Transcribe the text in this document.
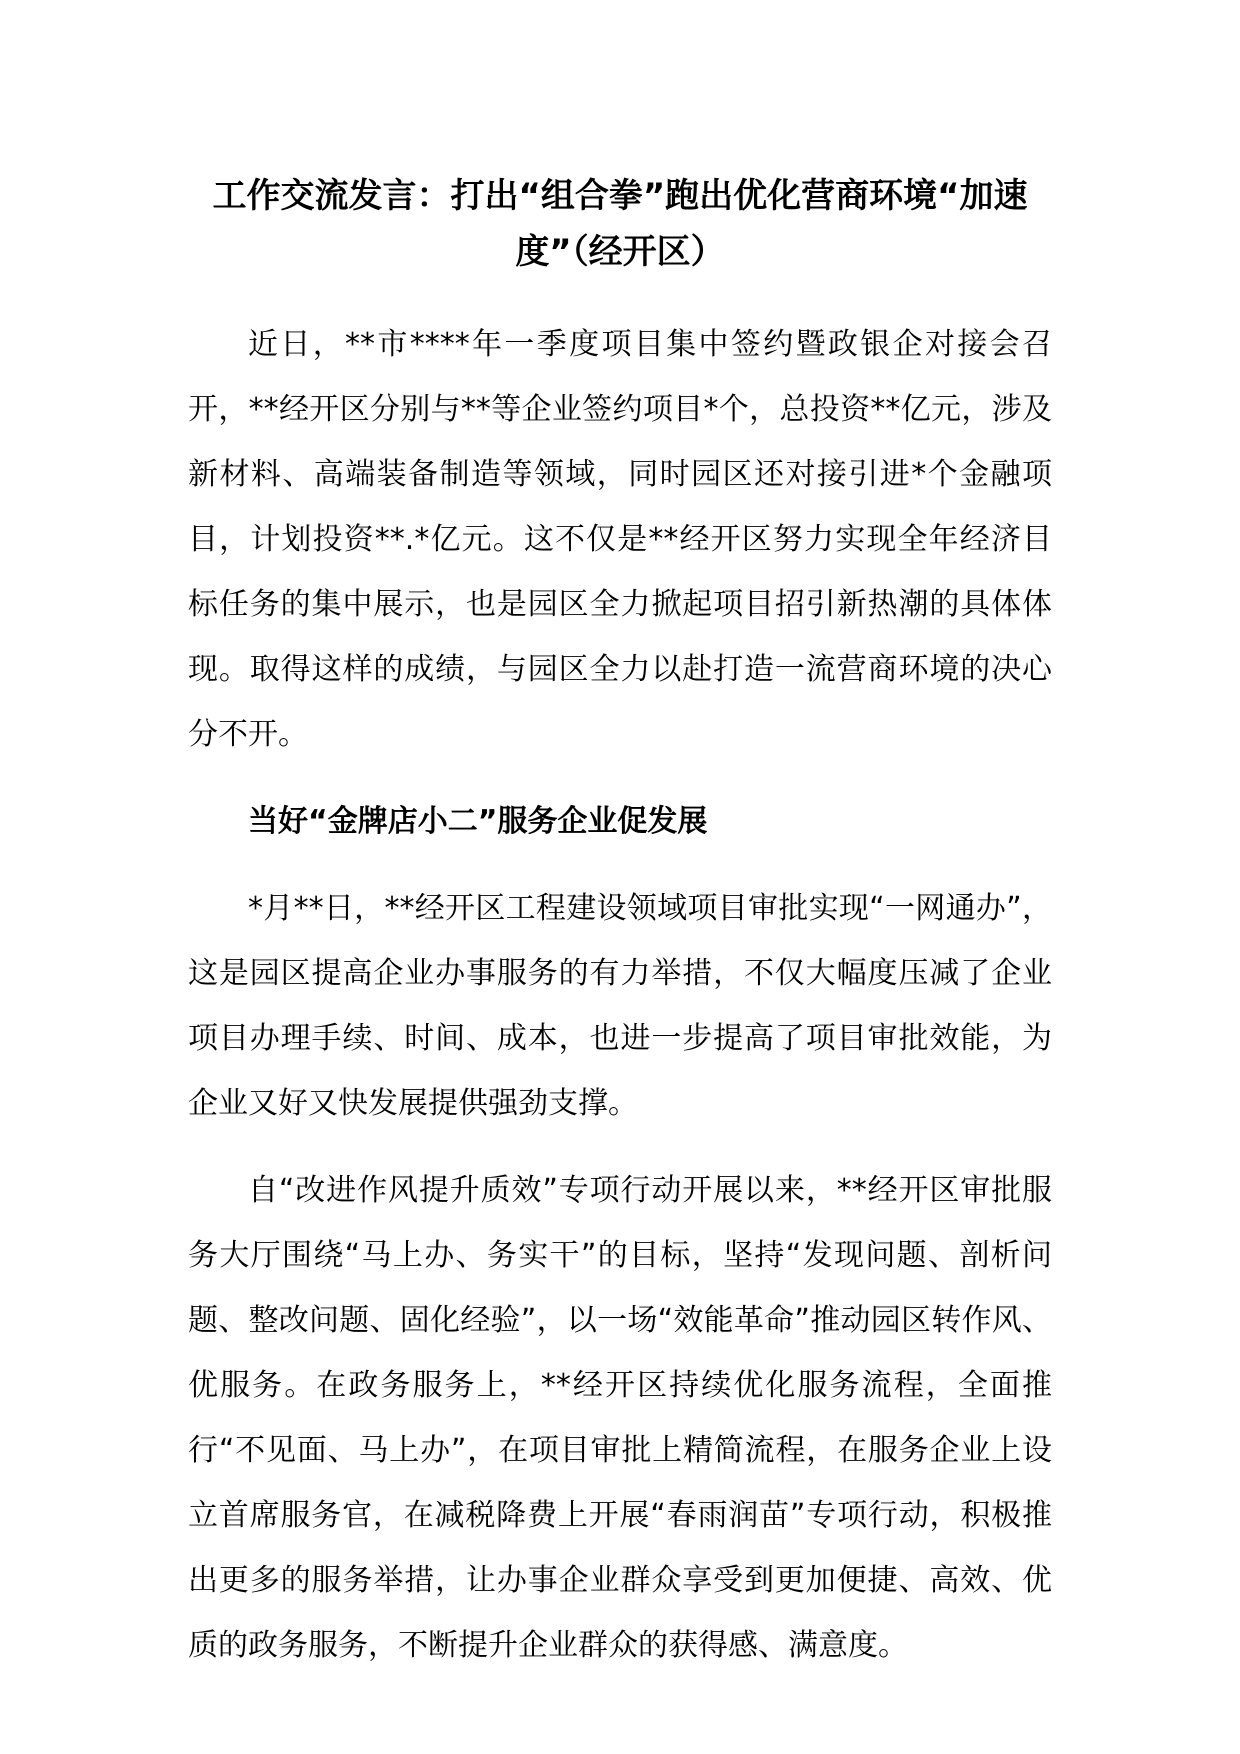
工作交流发言：打出“组合拳”跑出优化营商环境“加速度”（经开区）

近日，**市****年一季度项目集中签约暨政银企对接会召开，**经开区分别与**等企业签约项目*个，总投资**亿元，涉及新材料、高端装备制造等领域，同时园区还对接引进*个金融项目，计划投资**.*亿元。这不仅是**经开区努力实现全年经济目标任务的集中展示，也是园区全力掀起项目招引新热潮的具体体现。取得这样的成绩，与园区全力以赴打造一流营商环境的决心分不开。

当好“金牌店小二”服务企业促发展

*月**日，**经开区工程建设领域项目审批实现“一网通办”，这是园区提高企业办事服务的有力举措，不仅大幅度压减了企业项目办理手续、时间、成本，也进一步提高了项目审批效能，为企业又好又快发展提供强劲支撑。

自“改进作风提升质效”专项行动开展以来，**经开区审批服务大厅围绕“马上办、务实干”的目标，坚持“发现问题、剖析问题、整改问题、固化经验”，以一场“效能革命”推动园区转作风、优服务。在政务服务上，**经开区持续优化服务流程，全面推行“不见面、马上办”，在项目审批上精简流程，在服务企业上设立首席服务官，在减税降费上开展“春雨润苗”专项行动，积极推出更多的服务举措，让办事企业群众享受到更加便捷、高效、优质的政务服务，不断提升企业群众的获得感、满意度。
